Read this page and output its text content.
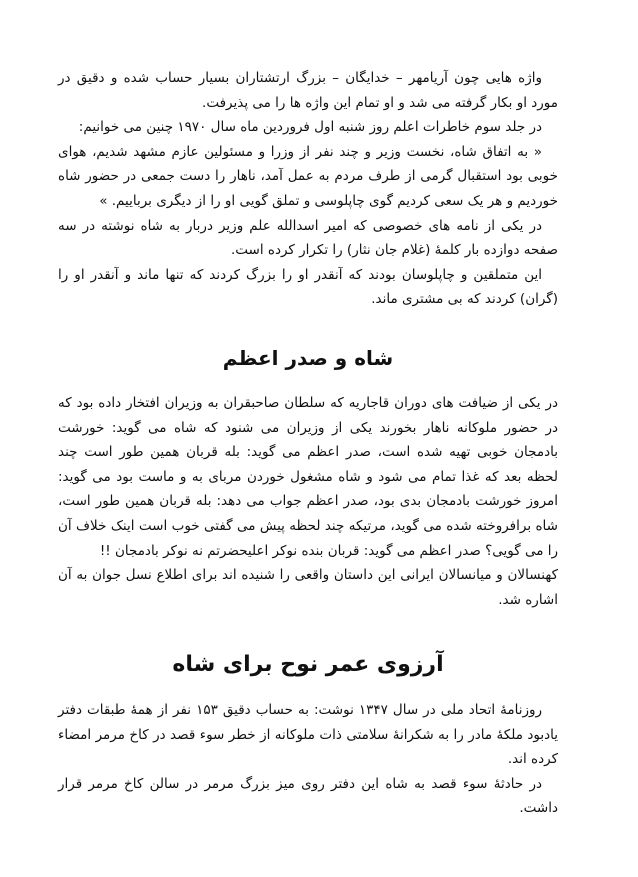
واژه هایی چون آریامهر – خدایگان – بزرگ ارتشتاران بسیار حساب شده و دقیق در مورد او بکار گرفته می شد و او تمام این واژه ها را می پذیرفت.

در جلد سوم خاطرات اعلم روز شنبه اول فروردین ماه سال ۱۹۷۰ چنین می خوانیم:

« به اتفاق شاه، نخست وزیر و چند نفر از وزرا و مسئولین عازم مشهد شدیم، هوای خوبی بود استقبال گرمی از طرف مردم به عمل آمد، ناهار را دست جمعی در حضور شاه خوردیم و هر یک سعی کردیم گوی چاپلوسی و تملق گویی او را از دیگری برباییم. »

در یکی از نامه های خصوصی که امیر اسدالله علم وزیر دربار به شاه نوشته در سه صفحه دوازده بار کلمهٔ (غلام جان نثار) را تکرار کرده است.

این متملقین و چاپلوسان بودند که آنقدر او را بزرگ کردند که تنها ماند و آنقدر او را (گران) کردند که بی مشتری ماند.

شاه و صدر اعظم

در یکی از ضیافت های دوران قاجاریه که سلطان صاحبقران به وزیران افتخار داده بود که در حضور ملوکانه ناهار بخورند یکی از وزیران می شنود که شاه می گوید: خورشت بادمجان خوبی تهیه شده است، صدر اعظم می گوید: بله قربان همین طور است چند لحظه بعد که غذا تمام می شود و شاه مشغول خوردن مربای به و ماست بود می گوید: امروز خورشت بادمجان بدی بود، صدر اعظم جواب می دهد: بله قربان همین طور است، شاه برافروخته شده می گوید، مرتیکه چند لحظه پیش می گفتی خوب است اینک خلاف آن را می گویی؟ صدر اعظم می گوید: قربان بنده نوکر اعلیحضرتم نه نوکر بادمجان !!

کهنسالان و میانسالان ایرانی این داستان واقعی را شنیده اند برای اطلاع نسل جوان به آن اشاره شد.

آرزوی عمر نوح برای شاه

روزنامهٔ اتحاد ملی در سال ۱۳۴۷ نوشت: به حساب دقیق ۱۵۳ نفر از همهٔ طبقات دفتر یادبود ملکهٔ مادر را به شکرانهٔ سلامتی ذات ملوکانه از خطر سوء قصد در کاخ مرمر امضاء کرده اند.

در حادثهٔ سوء قصد به شاه این دفتر روی میز بزرگ مرمر در سالن کاخ مرمر قرار داشت.
